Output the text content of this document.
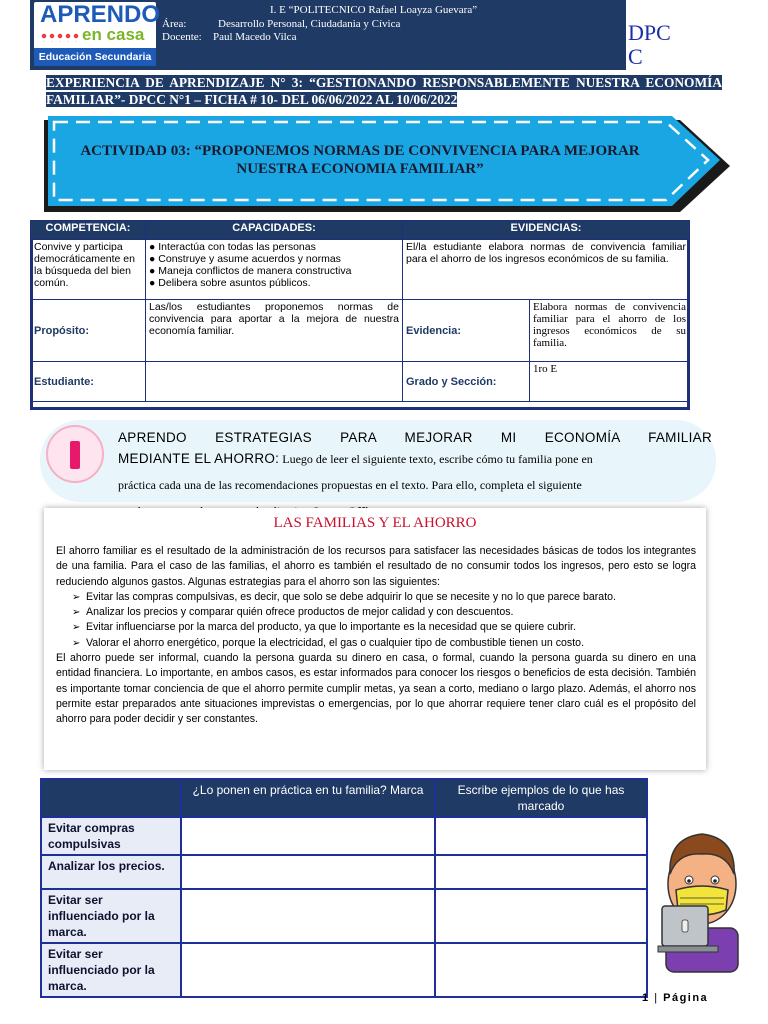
APRENDO
en casa
Educación Secundaria
I. E “POLITECNICO Rafael Loayza Guevara”
Área:	Desarrollo Personal, Ciudadania y Cívica
Docente: Paul Macedo Vilca	DPC
C
EXPERIENCIA DE APRENDIZAJE N° 3: “GESTIONANDO RESPONSABLEMENTE NUESTRA ECONOMÍA FAMILIAR”- DPCC N°1 – FICHA # 10- DEL 06/06/2022 AL 10/06/2022
ACTIVIDAD 03: “PROPONEMOS NORMAS DE CONVIVENCIA PARA MEJORAR NUESTRA ECONOMIA FAMILIAR”
COMPETENCIA:	CAPACIDADES:	EVIDENCIAS:	
Convive y participa democráticamente en la búsqueda del bien común.	● Interactúa con todas las personas
● Construye y asume acuerdos y normas
● Maneja conflictos de manera constructiva
● Delibera sobre asuntos públicos.	El/la estudiante elabora normas de convivencia familiar para el ahorro de los ingresos económicos de su familia.	
Propósito:	Las/los estudiantes proponemos normas de convivencia para aportar a la mejora de nuestra economía familiar.	Evidencia:	Elabora normas de convivencia familiar para el ahorro de los ingresos económicos de su familia.
Estudiante:		Grado y Sección:	1ro E
APRENDO ESTRATEGIAS PARA MEJORAR MI ECONOMÍA FAMILIAR
MEDIANTE EL AHORRO: Luego de leer el siguiente texto, escribe cómo tu familia pone en
práctica cada una de las recomendaciones propuestas en el texto. Para ello, completa el siguiente

LAS FAMILIAS Y EL AHORRO

El ahorro familiar es el resultado de la administración de los recursos para satisfacer las necesidades básicas de todos los integrantes de una familia. Para el caso de las familias, el ahorro es también el resultado de no consumir todos los ingresos, pero esto se logra reduciendo algunos gastos. Algunas estrategias para el ahorro son las siguientes:

➢ Evitar las compras compulsivas, es decir, que solo se debe adquirir lo que se necesite y no lo que parece barato.

➢ Analizar los precios y comparar quién ofrece productos de mejor calidad y con descuentos.

➢ Evitar influenciarse por la marca del producto, ya que lo importante es la necesidad que se quiere cubrir.

➢ Valorar el ahorro energético, porque la electricidad, el gas o cualquier tipo de combustible tienen un costo.

El ahorro puede ser informal, cuando la persona guarda su dinero en casa, o formal, cuando la persona guarda su dinero en una entidad financiera. Lo importante, en ambos casos, es estar informados para conocer los riesgos o beneficios de esta decisión. También es importante tomar conciencia de que el ahorro permite cumplir metas, ya sean a corto, mediano o largo plazo. Además, el ahorro nos permite estar preparados ante situaciones imprevistas o emergencias, por lo que ahorrar requiere tener claro cuál es el propósito del ahorro para poder decidir y ser constantes.

	¿Lo ponen en práctica en tu familia? Marca	Escribe ejemplos de lo que has marcado
Evitar compras compulsivas		
Analizar los precios.		
Evitar ser influenciado por la marca.		
Evitar ser influenciado por la marca.		
1 | Página
